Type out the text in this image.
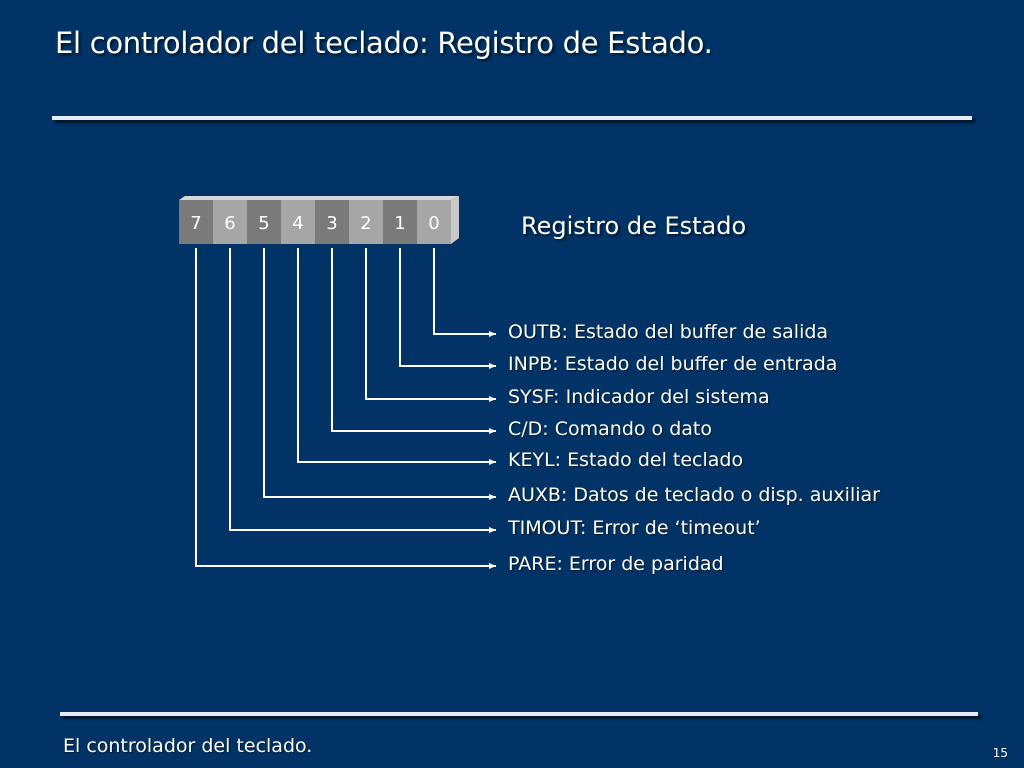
El controlador del teclado: Registro de Estado.
Registro de Estado
7 6 5 4 3 2 1 0
OUTB: Estado del buffer de salida
INPB: Estado del buffer de entrada
SYSF: Indicador del sistema
C/D: Comando o dato
KEYL: Estado del teclado
AUXB: Datos de teclado o disp. auxiliar
TIMOUT: Error de ‘timeout’
PARE: Error de paridad
El controlador del teclado.	15
